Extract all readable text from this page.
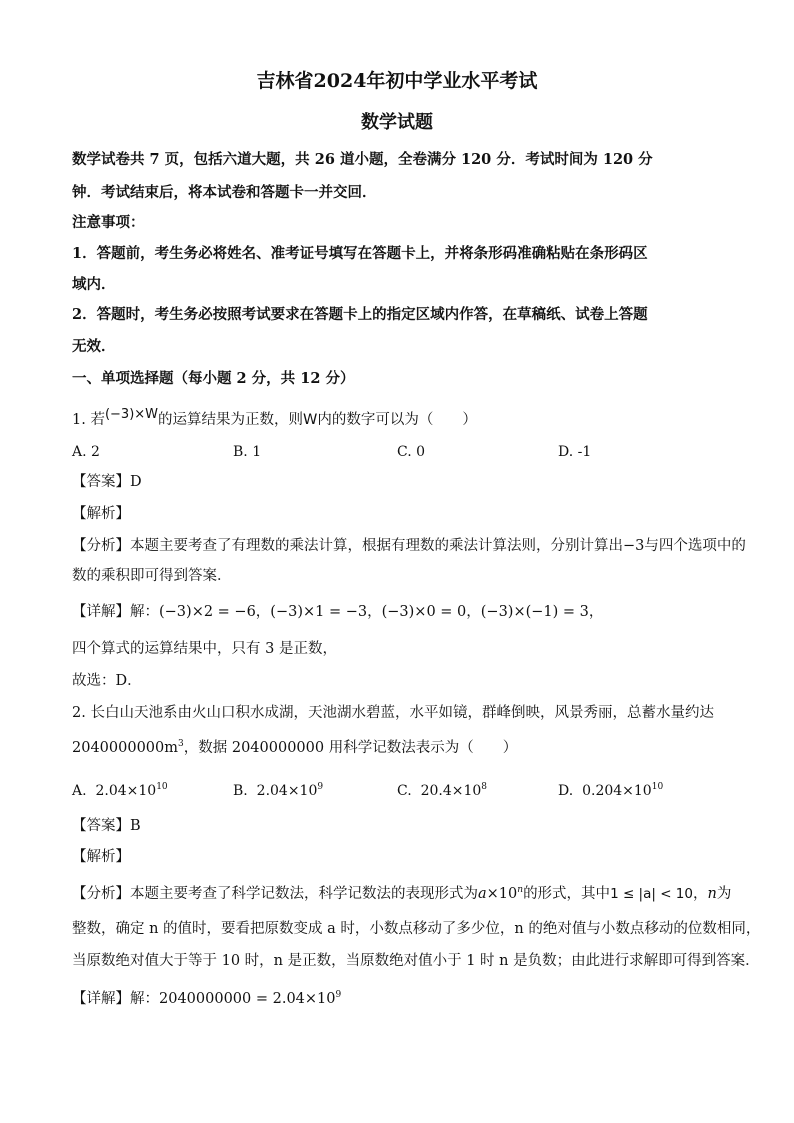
吉林省2024年初中学业水平考试
数学试题
数学试卷共 7 页，包括六道大题，共 26 道小题，全卷满分 120 分．考试时间为 120 分
钟．考试结束后，将本试卷和答题卡一并交回．
注意事项：
1．答题前，考生务必将姓名、准考证号填写在答题卡上，并将条形码准确粘贴在条形码区
域内．
2．答题时，考生务必按照考试要求在答题卡上的指定区域内作答，在草稿纸、试卷上答题
无效．
一、单项选择题（每小题 2 分，共 12 分）
1. 若(−3)×W的运算结果为正数，则W内的数字可以为（　　）
A. 2	B. 1	C. 0	D. -1
【答案】D
【解析】
【分析】本题主要考查了有理数的乘法计算，根据有理数的乘法计算法则，分别计算出−3与四个选项中的
数的乘积即可得到答案．
【详解】解：(−3)×2 = −6，(−3)×1 = −3，(−3)×0 = 0，(−3)×(−1) = 3，
四个算式的运算结果中，只有 3 是正数，
故选：D．
2. 长白山天池系由火山口积水成湖，天池湖水碧蓝，水平如镜，群峰倒映，风景秀丽，总蓄水量约达
$2040000000m^3$，数据 2040000000 用科学记数法表示为（　　）
A. $2.04\times 10^{10}$	B. $2.04\times 10^9$	C. $20.4\times 10^8$	D. $0.204\times 10^{10}$
【答案】B
【解析】
【分析】本题主要考查了科学记数法，科学记数法的表现形式为$a\times 10^n$的形式，其中1 ≤ |a| < 10，n为
整数，确定 n 的值时，要看把原数变成 a 时，小数点移动了多少位，n 的绝对值与小数点移动的位数相同，
当原数绝对值大于等于 10 时，n 是正数，当原数绝对值小于 1 时 n 是负数；由此进行求解即可得到答案．
【详解】解：$2040000000 = 2.04\times 10^9$
